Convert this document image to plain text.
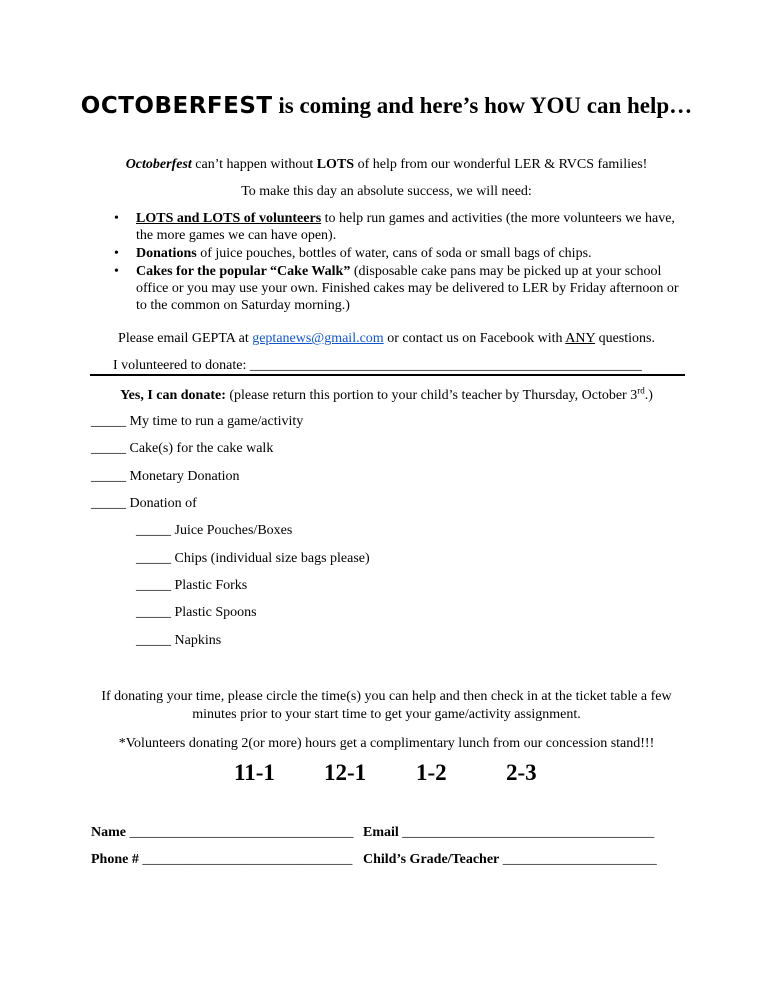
OCTOBERFEST is coming and here’s how YOU can help…
Octoberfest can’t happen without LOTS of help from our wonderful LER & RVCS families!
To make this day an absolute success, we will need:
• LOTS and LOTS of volunteers to help run games and activities (the more volunteers we have, the more games we can have open).
• Donations of juice pouches, bottles of water, cans of soda or small bags of chips.
• Cakes for the popular “Cake Walk” (disposable cake pans may be picked up at your school office or you may use your own. Finished cakes may be delivered to LER by Friday afternoon or to the common on Saturday morning.)
Please email GEPTA at geptanews@gmail.com or contact us on Facebook with ANY questions.
I volunteered to donate: ________________________________________________________
Yes, I can donate: (please return this portion to your child’s teacher by Thursday, October 3rd.)
_____ My time to run a game/activity
_____ Cake(s) for the cake walk
_____ Monetary Donation
_____ Donation of
_____ Juice Pouches/Boxes
_____ Chips (individual size bags please)
_____ Plastic Forks
_____ Plastic Spoons
_____ Napkins
If donating your time, please circle the time(s) you can help and then check in at the ticket table a few minutes prior to your start time to get your game/activity assignment.
*Volunteers donating 2(or more) hours get a complimentary lunch from our concession stand!!!
11-1 12-1 1-2	2-3
Name ________________________________ Email ____________________________________
Phone # ______________________________ Child’s Grade/Teacher ______________________
